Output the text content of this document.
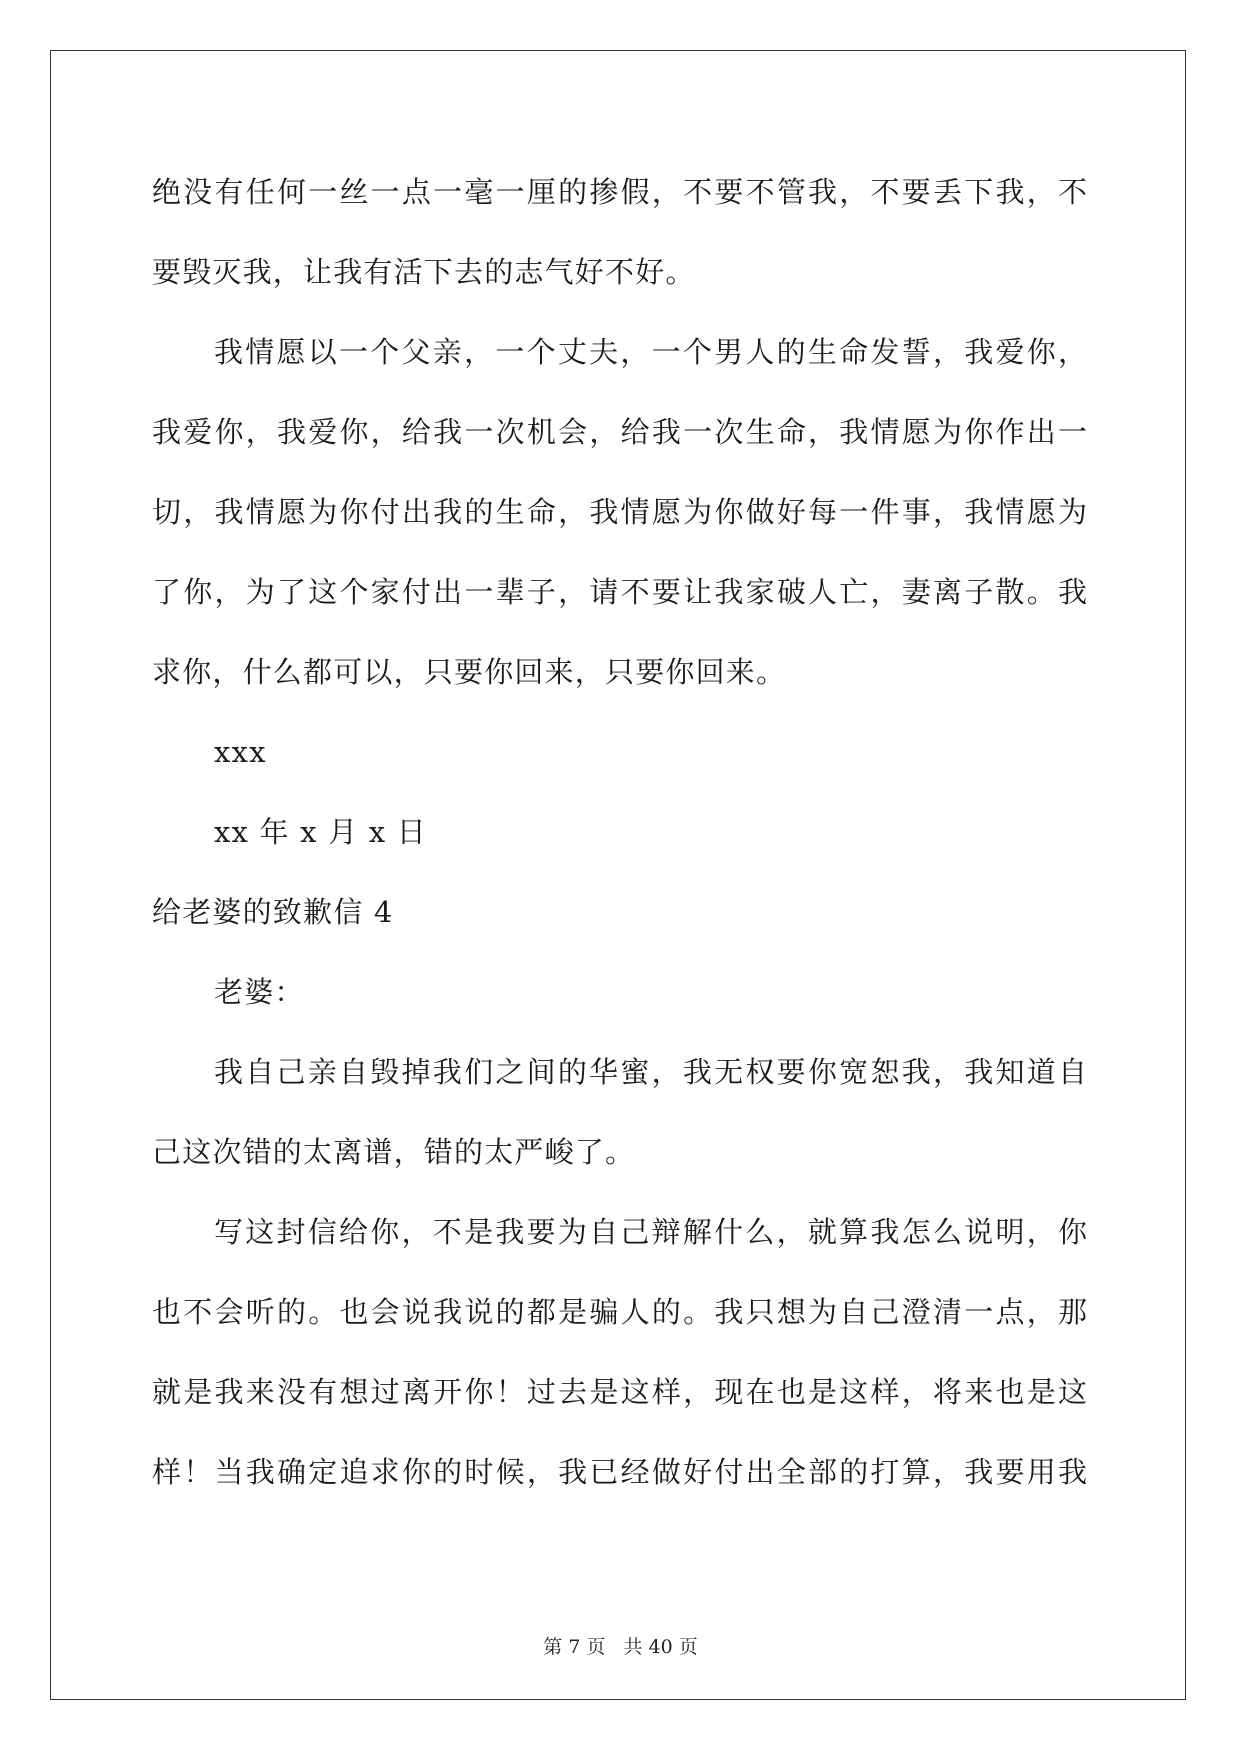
绝没有任何一丝一点一毫一厘的掺假，不要不管我，不要丢下我，不
要毁灭我，让我有活下去的志气好不好。
我情愿以一个父亲，一个丈夫，一个男人的生命发誓，我爱你，
我爱你，我爱你，给我一次机会，给我一次生命，我情愿为你作出一
切，我情愿为你付出我的生命，我情愿为你做好每一件事，我情愿为
了你，为了这个家付出一辈子，请不要让我家破人亡，妻离子散。我
求你，什么都可以，只要你回来，只要你回来。
xxx
xx 年 x 月 x 日
给老婆的致歉信 4
老婆：
我自己亲自毁掉我们之间的华蜜，我无权要你宽恕我，我知道自
己这次错的太离谱，错的太严峻了。
写这封信给你，不是我要为自己辩解什么，就算我怎么说明，你
也不会听的。也会说我说的都是骗人的。我只想为自己澄清一点，那
就是我来没有想过离开你！过去是这样，现在也是这样，将来也是这
样！当我确定追求你的时候，我已经做好付出全部的打算，我要用我
第 7 页 共 40 页
